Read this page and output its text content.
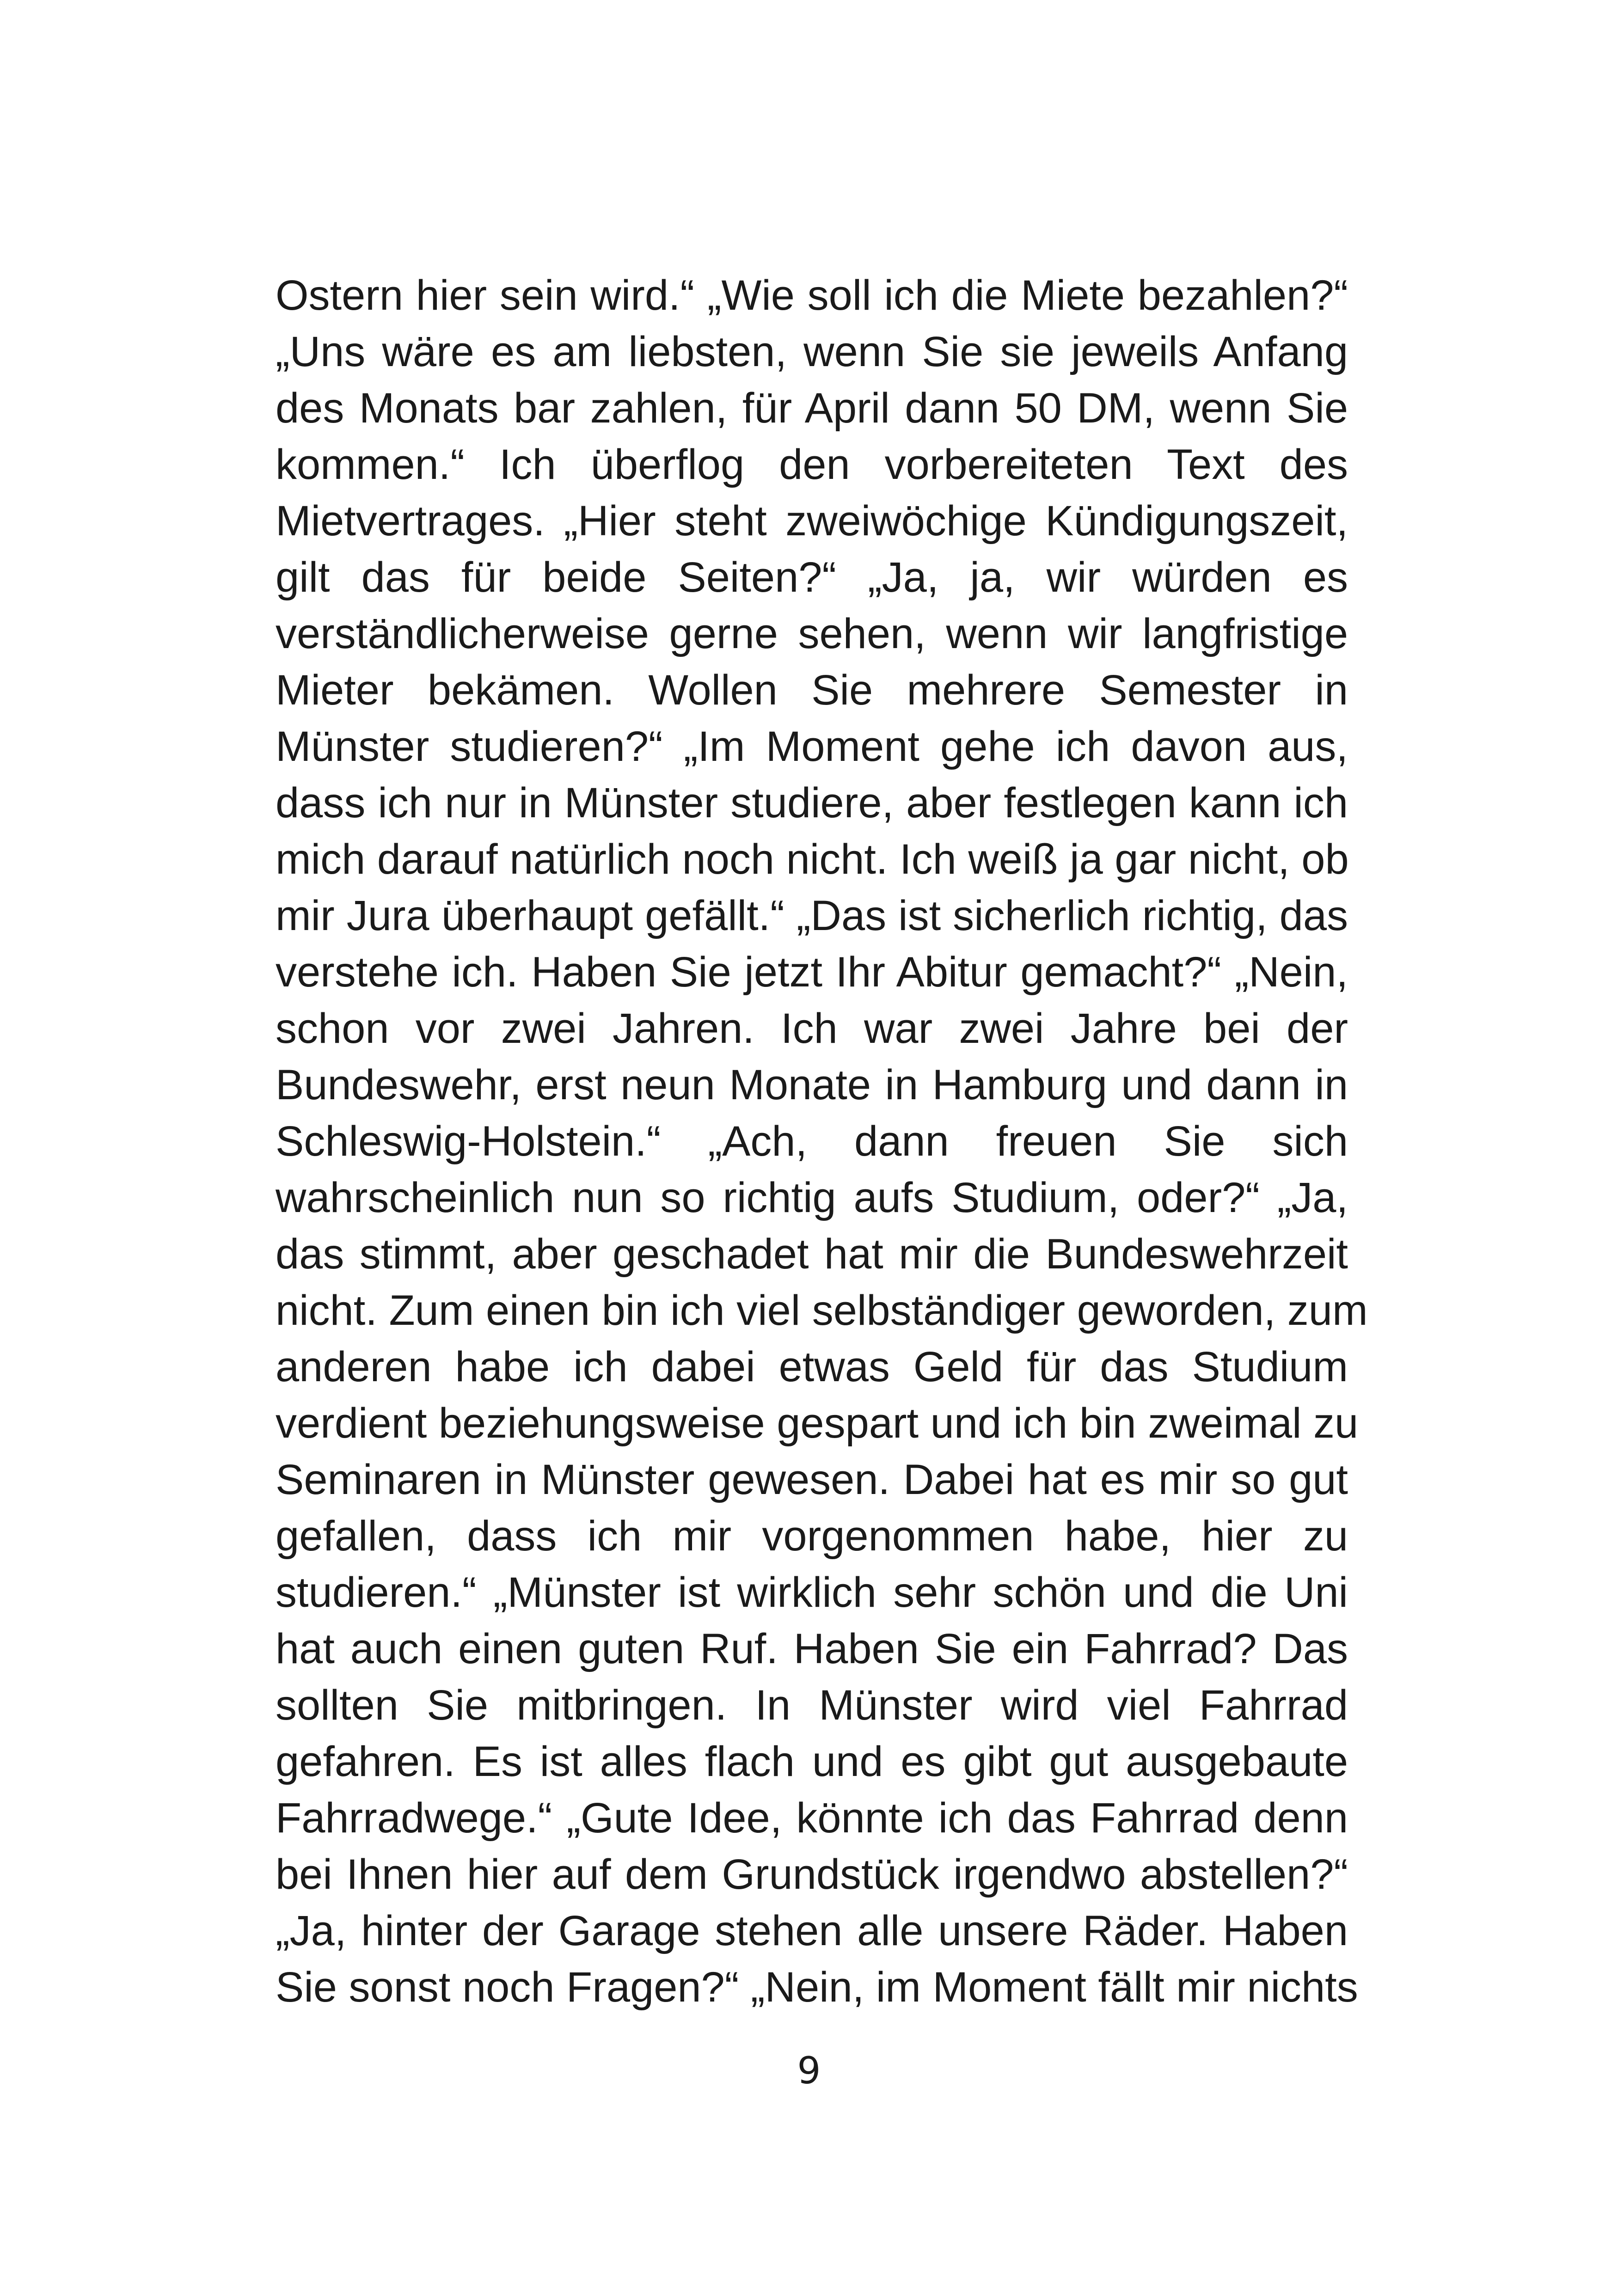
Ostern hier sein wird.“ „Wie soll ich die Miete bezahlen?“
„Uns wäre es am liebsten, wenn Sie sie jeweils Anfang
des Monats bar zahlen, für April dann 50 DM, wenn Sie
kommen.“ Ich überflog den vorbereiteten Text des
Mietvertrages. „Hier steht zweiwöchige Kündigungszeit,
gilt das für beide Seiten?“ „Ja, ja, wir würden es
verständlicherweise gerne sehen, wenn wir langfristige
Mieter bekämen. Wollen Sie mehrere Semester in
Münster studieren?“ „Im Moment gehe ich davon aus,
dass ich nur in Münster studiere, aber festlegen kann ich
mich darauf natürlich noch nicht. Ich weiß ja gar nicht, ob
mir Jura überhaupt gefällt.“ „Das ist sicherlich richtig, das
verstehe ich. Haben Sie jetzt Ihr Abitur gemacht?“ „Nein,
schon vor zwei Jahren. Ich war zwei Jahre bei der
Bundeswehr, erst neun Monate in Hamburg und dann in
Schleswig-Holstein.“ „Ach, dann freuen Sie sich
wahrscheinlich nun so richtig aufs Studium, oder?“ „Ja,
das stimmt, aber geschadet hat mir die Bundeswehrzeit
nicht. Zum einen bin ich viel selbständiger geworden, zum
anderen habe ich dabei etwas Geld für das Studium
verdient beziehungsweise gespart und ich bin zweimal zu
Seminaren in Münster gewesen. Dabei hat es mir so gut
gefallen, dass ich mir vorgenommen habe, hier zu
studieren.“ „Münster ist wirklich sehr schön und die Uni
hat auch einen guten Ruf. Haben Sie ein Fahrrad? Das
sollten Sie mitbringen. In Münster wird viel Fahrrad
gefahren. Es ist alles flach und es gibt gut ausgebaute
Fahrradwege.“ „Gute Idee, könnte ich das Fahrrad denn
bei Ihnen hier auf dem Grundstück irgendwo abstellen?“
„Ja, hinter der Garage stehen alle unsere Räder. Haben
Sie sonst noch Fragen?“ „Nein, im Moment fällt mir nichts
9
